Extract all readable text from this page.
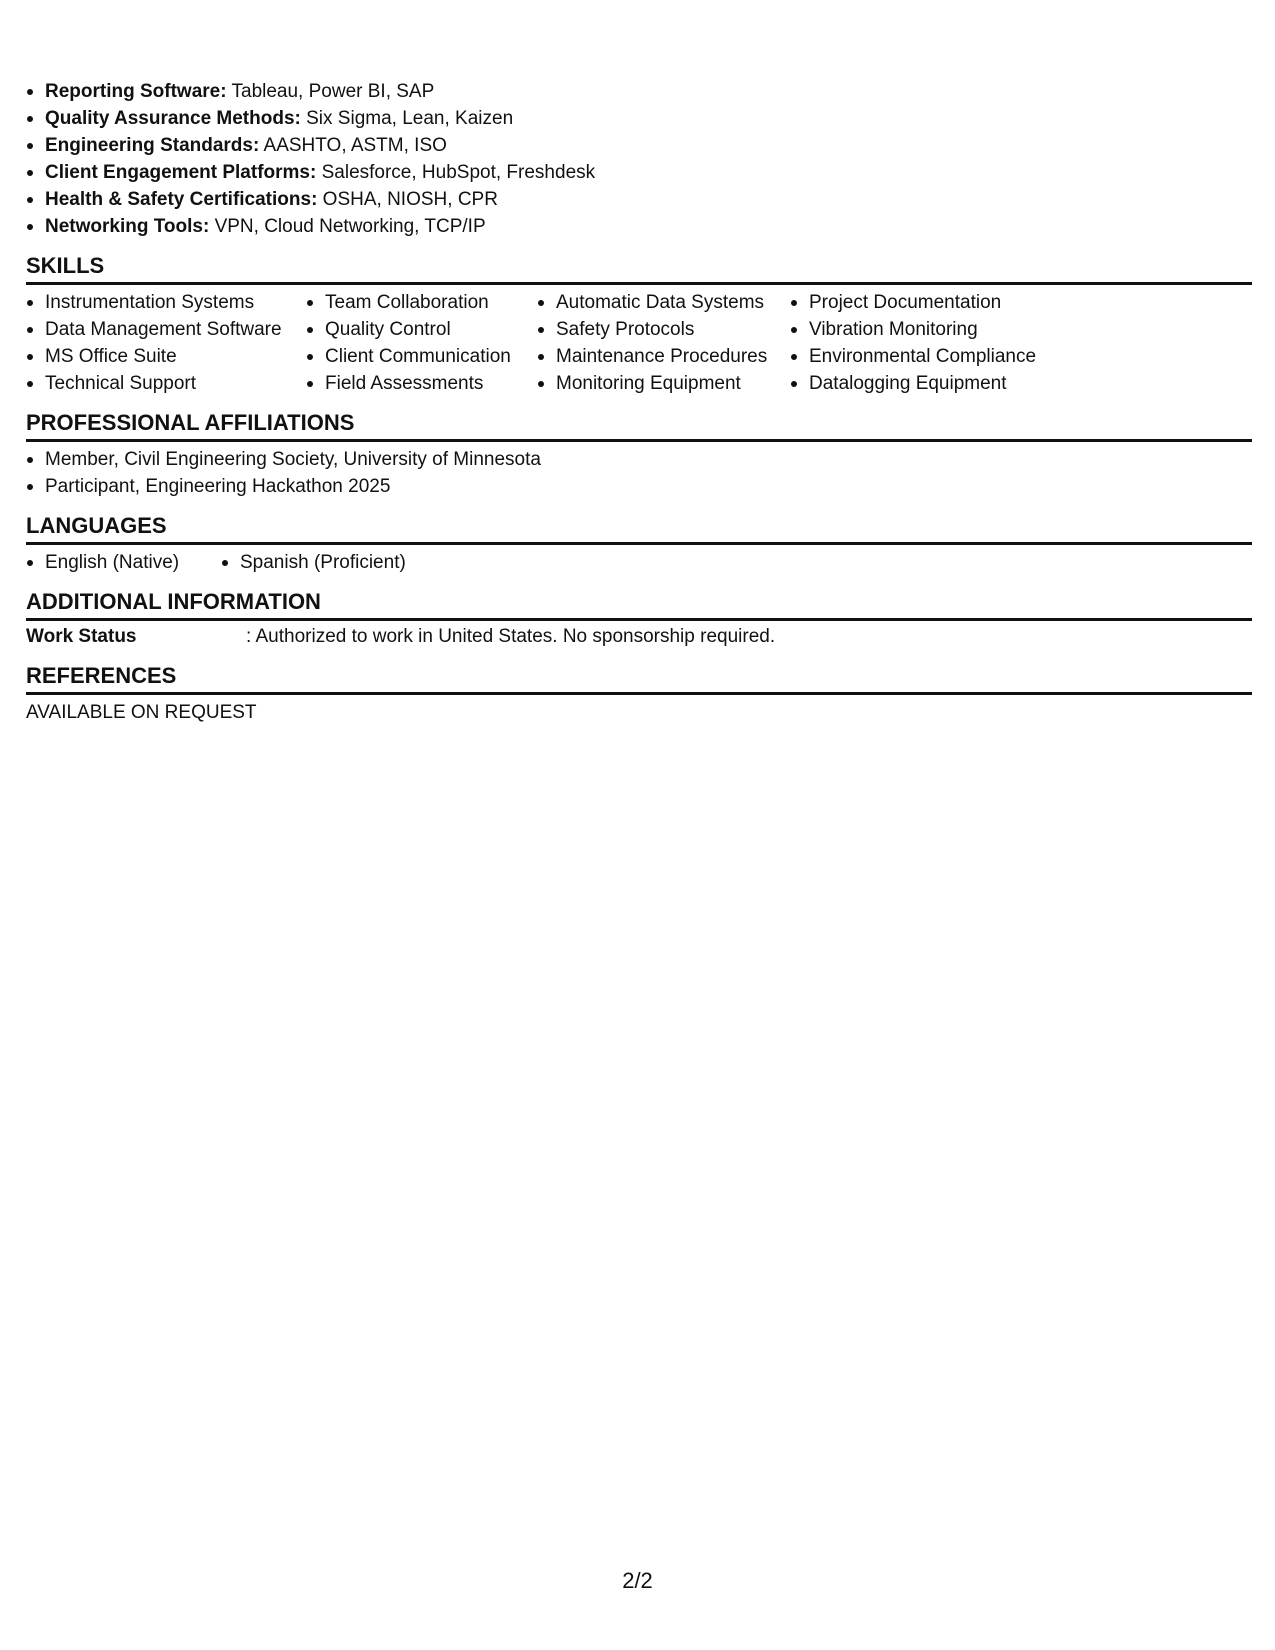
Reporting Software: Tableau, Power BI, SAP
Quality Assurance Methods: Six Sigma, Lean, Kaizen
Engineering Standards: AASHTO, ASTM, ISO
Client Engagement Platforms: Salesforce, HubSpot, Freshdesk
Health & Safety Certifications: OSHA, NIOSH, CPR
Networking Tools: VPN, Cloud Networking, TCP/IP
SKILLS
Instrumentation Systems
Data Management Software
MS Office Suite
Technical Support
Team Collaboration
Quality Control
Client Communication
Field Assessments
Automatic Data Systems
Safety Protocols
Maintenance Procedures
Monitoring Equipment
Project Documentation
Vibration Monitoring
Environmental Compliance
Datalogging Equipment
PROFESSIONAL AFFILIATIONS
Member, Civil Engineering Society, University of Minnesota
Participant, Engineering Hackathon 2025
LANGUAGES
English (Native)	Spanish (Proficient)
ADDITIONAL INFORMATION
Work Status	: Authorized to work in United States. No sponsorship required.
REFERENCES
AVAILABLE ON REQUEST
2/2
